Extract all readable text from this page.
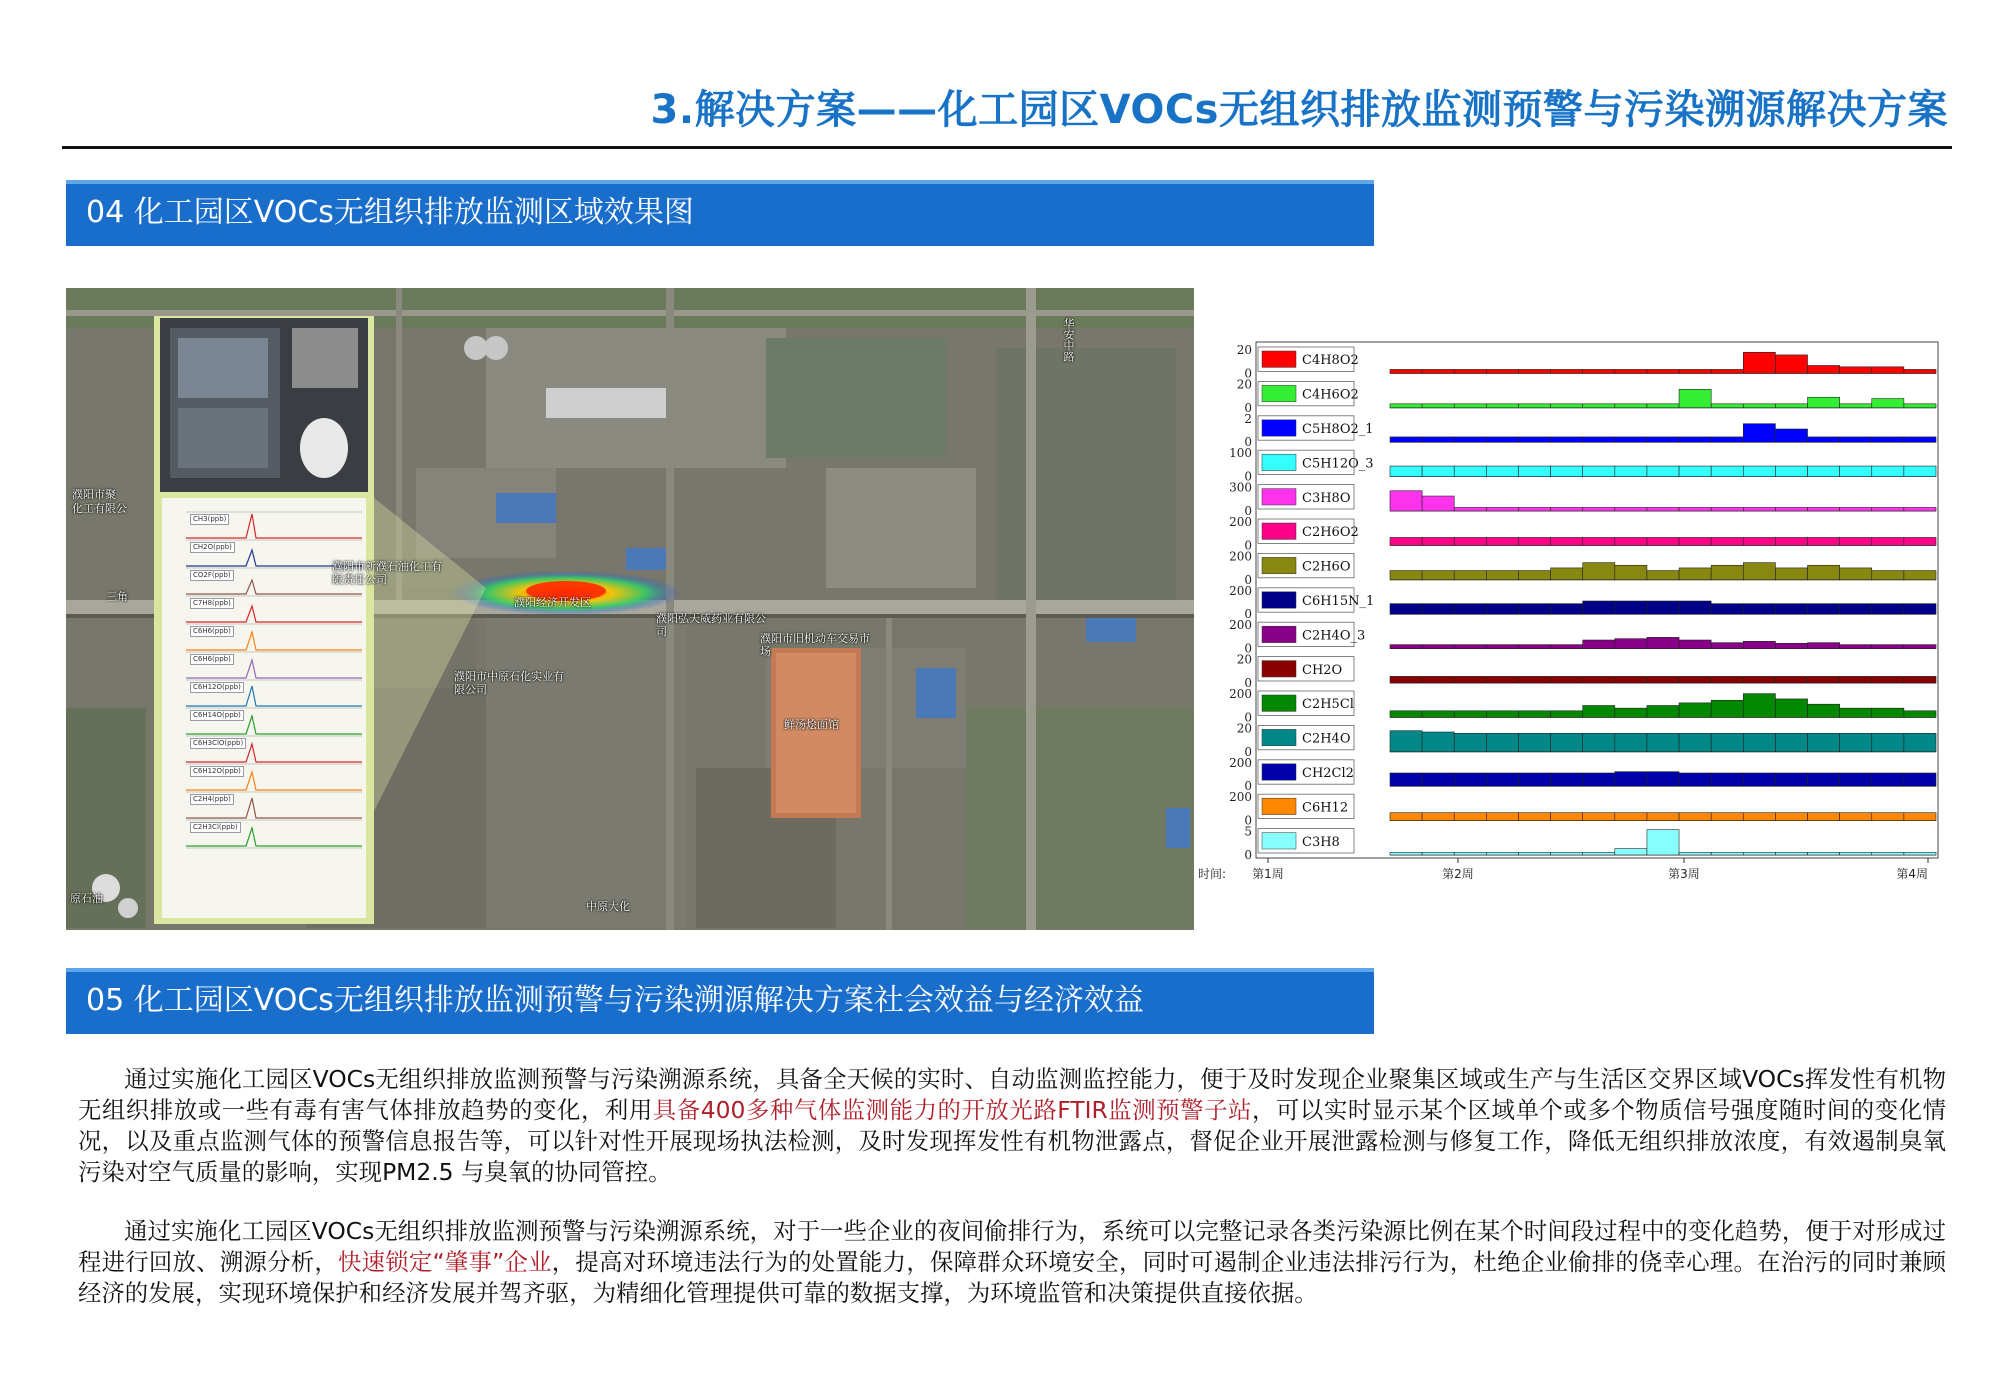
3.解决方案——化工园区VOCs无组织排放监测预警与污染溯源解决方案
04 化工园区VOCs无组织排放监测区域效果图
CH3(ppb)
CH2O(ppb)
CO2F(ppb)
C7H8(ppb)
C6H6(ppb)
C6H6(ppb)
C6H12O(ppb)
C6H14O(ppb)
C6H3ClO(ppb)
C6H12O(ppb)
C2H4(ppb)
C2H3Cl(ppb)
濮阳市聚
化工有限公
三角
濮阳市新濮石油化工有限责任公司
濮阳经济开发区
濮阳弘天威药业有限公司
濮阳市中原石化实业有限公司
濮阳市旧机动车交易市场
鲜汤烩面馆
中原大化
华安中路
原石油
C4H8O2
20
0
C4H6O2
20
0
C5H8O2_1
2
0
C5H12O_3
100
0
C3H8O
300
0
C2H6O2
200
0
C2H6O
200
0
C6H15N_1
200
0
C2H4O_3
200
0
CH2O
20
0
C2H5Cl
200
0
C2H4O
20
0
CH2Cl2
200
0
C6H12
200
0
C3H8
5
0
时间: 第1周	第2周	第3周	第4周
05 化工园区VOCs无组织排放监测预警与污染溯源解决方案社会效益与经济效益
通过实施化工园区VOCs无组织排放监测预警与污染溯源系统，具备全天候的实时、自动监测监控能力，便于及时发现企业聚集区域或生产与生活区交界区域VOCs挥发性有机物无组织排放或一些有毒有害气体排放趋势的变化，利用具备400多种气体监测能力的开放光路FTIR监测预警子站，可以实时显示某个区域单个或多个物质信号强度随时间的变化情况，以及重点监测气体的预警信息报告等，可以针对性开展现场执法检测，及时发现挥发性有机物泄露点，督促企业开展泄露检测与修复工作，降低无组织排放浓度，有效遏制臭氧污染对空气质量的影响，实现PM2.5 与臭氧的协同管控。
通过实施化工园区VOCs无组织排放监测预警与污染溯源系统，对于一些企业的夜间偷排行为，系统可以完整记录各类污染源比例在某个时间段过程中的变化趋势，便于对形成过程进行回放、溯源分析，快速锁定“肇事”企业，提高对环境违法行为的处置能力，保障群众环境安全，同时可遏制企业违法排污行为，杜绝企业偷排的侥幸心理。在治污的同时兼顾经济的发展，实现环境保护和经济发展并驾齐驱，为精细化管理提供可靠的数据支撑，为环境监管和决策提供直接依据。
